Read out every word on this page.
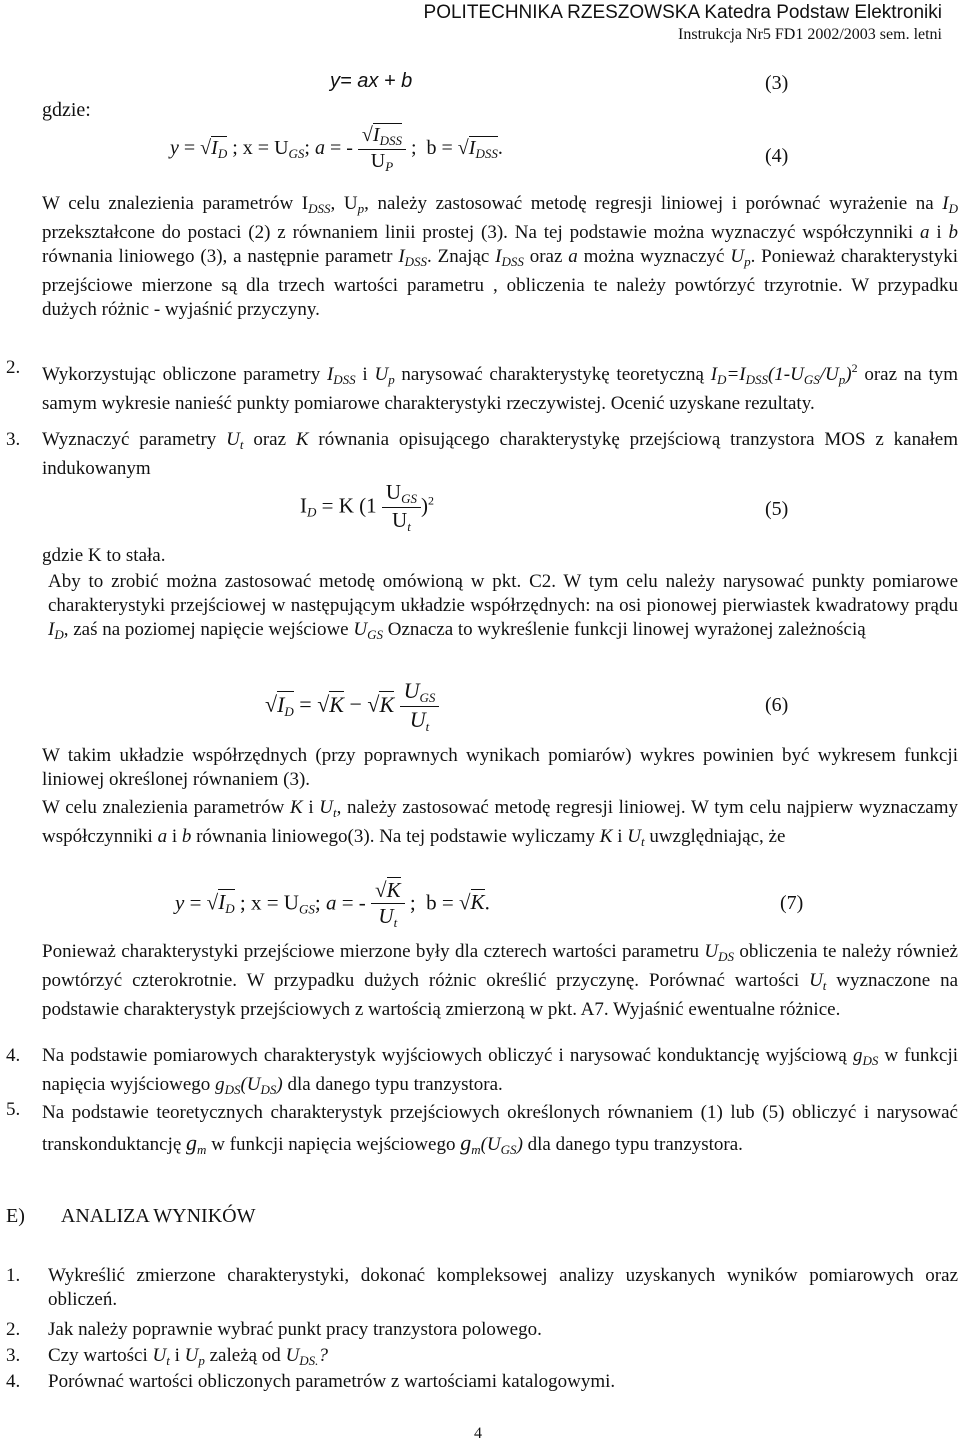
POLITECHNIKA RZESZOWSKA Katedra Podstaw Elektroniki
Instrukcja Nr5 FD1 2002/2003 sem. letni
y= ax + b	(3)
gdzie:
$y = √I_D$ ; $x = U_{GS}$; a = - $\frac{√I_{DSS}}{U_P}$ ;  $b = √I_{DSS}$.	(4)
W celu znalezienia parametrów $I_{DSS}$, $U_p$, należy zastosować metodę regresji liniowej i porównać wyrażenie na $I_D$ przekształcone do postaci (2) z równaniem linii prostej (3). Na tej podstawie można wyznaczyć współczynniki a i b równania liniowego (3), a następnie parametr $I_{DSS}$. Znając $I_{DSS}$ oraz a można wyznaczyć $U_p$. Ponieważ charakterystyki przejściowe mierzone są dla trzech wartości parametru , obliczenia te należy powtórzyć trzyrotnie. W przypadku dużych różnic - wyjaśnić przyczyny.
2. Wykorzystując obliczone parametry $I_{DSS}$ i $U_p$ narysować charakterystykę teoretyczną $I_D=I_{DSS}(1-U_{GS}/U_p)^2$ oraz na tym samym wykresie nanieść punkty pomiarowe charakterystyki rzeczywistej. Ocenić uzyskane rezultaty.
3. Wyznaczyć parametry $U_t$ oraz K równania opisującego charakterystykę przejściową tranzystora MOS z kanałem indukowanym
$I_D = K$ $(1 \frac{U_{GS}}{U_t} )^2$	(5)
gdzie K to stała.
Aby to zrobić można zastosować metodę omówioną w pkt. C2. W tym celu należy narysować punkty pomiarowe charakterystyki przejściowej w następującym układzie współrzędnych: na osi pionowej pierwiastek kwadratowy prądu $I_D$, zaś na poziomej napięcie wejściowe $U_{GS}$ Oznacza to wykreślenie funkcji linowej wyrażonej zależnością
$√I_D = √K - √K \frac{U_{GS}}{U_t}$	(6)
W takim układzie współrzędnych (przy poprawnych wynikach pomiarów) wykres powinien być wykresem funkcji liniowej określonej równaniem (3).
W celu znalezienia parametrów K i $U_t$, należy zastosować metodę regresji liniowej. W tym celu najpierw wyznaczamy współczynniki a i b równania liniowego(3). Na tej podstawie wyliczamy K i $U_t$ uwzględniając, że
$y = √I_D$ ; $x = U_{GS}$; a = - $\frac{√K}{U_t}$ ;  b = √K.	(7)
Ponieważ charakterystyki przejściowe mierzone były dla czterech wartości parametru $U_{DS}$ obliczenia te należy również powtórzyć czterokrotnie. W przypadku dużych różnic określić przyczynę. Porównać wartości $U_t$ wyznaczone na podstawie charakterystyk przejściowych z wartością zmierzoną w pkt. A7. Wyjaśnić ewentualne różnice.
4. Na podstawie pomiarowych charakterystyk wyjściowych obliczyć i narysować konduktancję wyjściową $g_{DS}$ w funkcji napięcia wyjściowego $g_{DS}(U_{DS})$ dla danego typu tranzystora.
5. Na podstawie teoretycznych charakterystyk przejściowych określonych równaniem (1) lub (5) obliczyć i narysować transkonduktancję $g_m$ w funkcji napięcia wejściowego $g_m(U_{GS})$ dla danego typu tranzystora.
E) ANALIZA WYNIKÓW
1. Wykreślić zmierzone charakterystyki, dokonać kompleksowej analizy uzyskanych wyników pomiarowych oraz obliczeń.
2. Jak należy poprawnie wybrać punkt pracy tranzystora polowego.
3. Czy wartości $U_t$ i $U_p$ zależą od $U_{DS.}$?
4. Porównać wartości obliczonych parametrów z wartościami katalogowymi.
4
